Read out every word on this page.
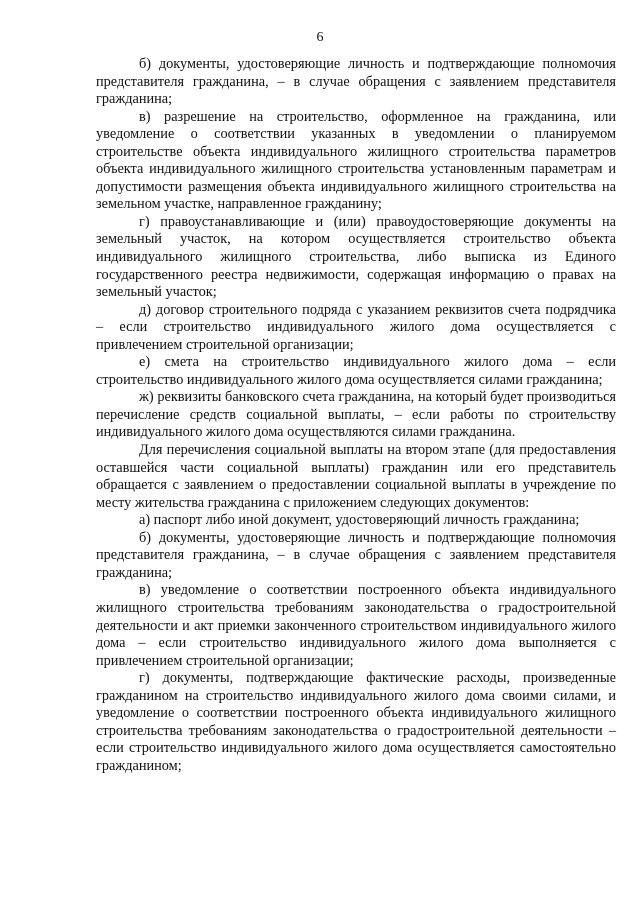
6

б) документы, удостоверяющие личность и подтверждающие полномочия представителя гражданина, – в случае обращения с заявлением представителя гражданина;

в) разрешение на строительство, оформленное на гражданина, или уведомление о соответствии указанных в уведомлении о планируемом строительстве объекта индивидуального жилищного строительства параметров объекта индивидуального жилищного строительства установленным параметрам и допустимости размещения объекта индивидуального жилищного строительства на земельном участке, направленное гражданину;

г) правоустанавливающие и (или) правоудостоверяющие документы на земельный участок, на котором осуществляется строительство объекта индивидуального жилищного строительства, либо выписка из Единого государственного реестра недвижимости, содержащая информацию о правах на земельный участок;

д) договор строительного подряда с указанием реквизитов счета подрядчика – если строительство индивидуального жилого дома осуществляется с привлечением строительной организации;

е) смета на строительство индивидуального жилого дома – если строительство индивидуального жилого дома осуществляется силами гражданина;

ж) реквизиты банковского счета гражданина, на который будет производиться перечисление средств социальной выплаты, – если работы по строительству индивидуального жилого дома осуществляются силами гражданина.

Для перечисления социальной выплаты на втором этапе (для предоставления оставшейся части социальной выплаты) гражданин или его представитель обращается с заявлением о предоставлении социальной выплаты в учреждение по месту жительства гражданина с приложением следующих документов:

а) паспорт либо иной документ, удостоверяющий личность гражданина;

б) документы, удостоверяющие личность и подтверждающие полномочия представителя гражданина, – в случае обращения с заявлением представителя гражданина;

в) уведомление о соответствии построенного объекта индивидуального жилищного строительства требованиям законодательства о градостроительной деятельности и акт приемки законченного строительством индивидуального жилого дома – если строительство индивидуального жилого дома выполняется с привлечением строительной организации;

г) документы, подтверждающие фактические расходы, произведенные гражданином на строительство индивидуального жилого дома своими силами, и уведомление о соответствии построенного объекта индивидуального жилищного строительства требованиям законодательства о градостроительной деятельности – если строительство индивидуального жилого дома осуществляется самостоятельно гражданином;
